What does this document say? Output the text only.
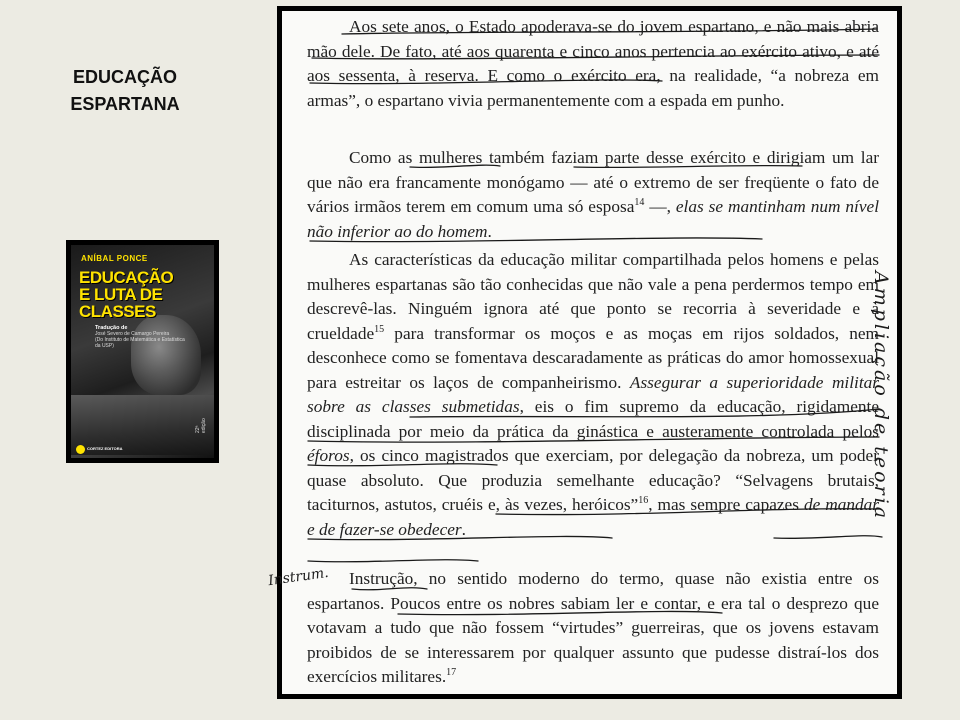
EDUCAÇÃO
ESPARTANA
ANÍBAL PONCE
EDUCAÇÃO
E LUTA DE
CLASSES
Tradução de
José Severo de Camargo Pereira
(Do Instituto de Matemática e Estatística da USP)
22ª edição
CORTEZ EDITORA
Aos sete anos, o Estado apoderava-se do jovem espartano, e não mais abria mão dele. De fato, até aos quarenta e cinco anos pertencia ao exército ativo, e até aos sessenta, à reserva. E como o exército era, na realidade, “a nobreza em armas”, o espartano vivia permanentemente com a espada em punho.
Como as mulheres também faziam parte desse exército e dirigiam um lar que não era francamente monógamo — até o extremo de ser freqüente o fato de vários irmãos terem em comum uma só esposa$^{14}$ —, elas se mantinham num nível não inferior ao do homem.
As características da educação militar compartilhada pelos homens e pelas mulheres espartanas são tão conhecidas que não vale a pena perdermos tempo em descrevê-las. Ninguém ignora até que ponto se recorria à severidade e à crueldade$^{15}$ para transformar os moços e as moças em rijos soldados, nem desconhece como se fomentava descaradamente as práticas do amor homossexual para estreitar os laços de companheirismo. Assegurar a superioridade militar sobre as classes submetidas, eis o fim supremo da educação, rigidamente disciplinada por meio da prática da ginástica e austeramente controlada pelos éforos, os cinco magistrados que exerciam, por delegação da nobreza, um poder quase absoluto. Que produzia semelhante educação? “Selvagens brutais, taciturnos, astutos, cruéis e, às vezes, heróicos”$^{16}$, mas sempre capazes de mandar e de fazer-se obedecer.
Instrução, no sentido moderno do termo, quase não existia entre os espartanos. Poucos entre os nobres sabiam ler e contar, e era tal o desprezo que votavam a tudo que não fossem “virtudes” guerreiras, que os jovens estavam proibidos de se interessarem por qualquer assunto que pudesse distraí-los dos exercícios militares.$^{17}$
Ampliação de teoria
Instrum.
